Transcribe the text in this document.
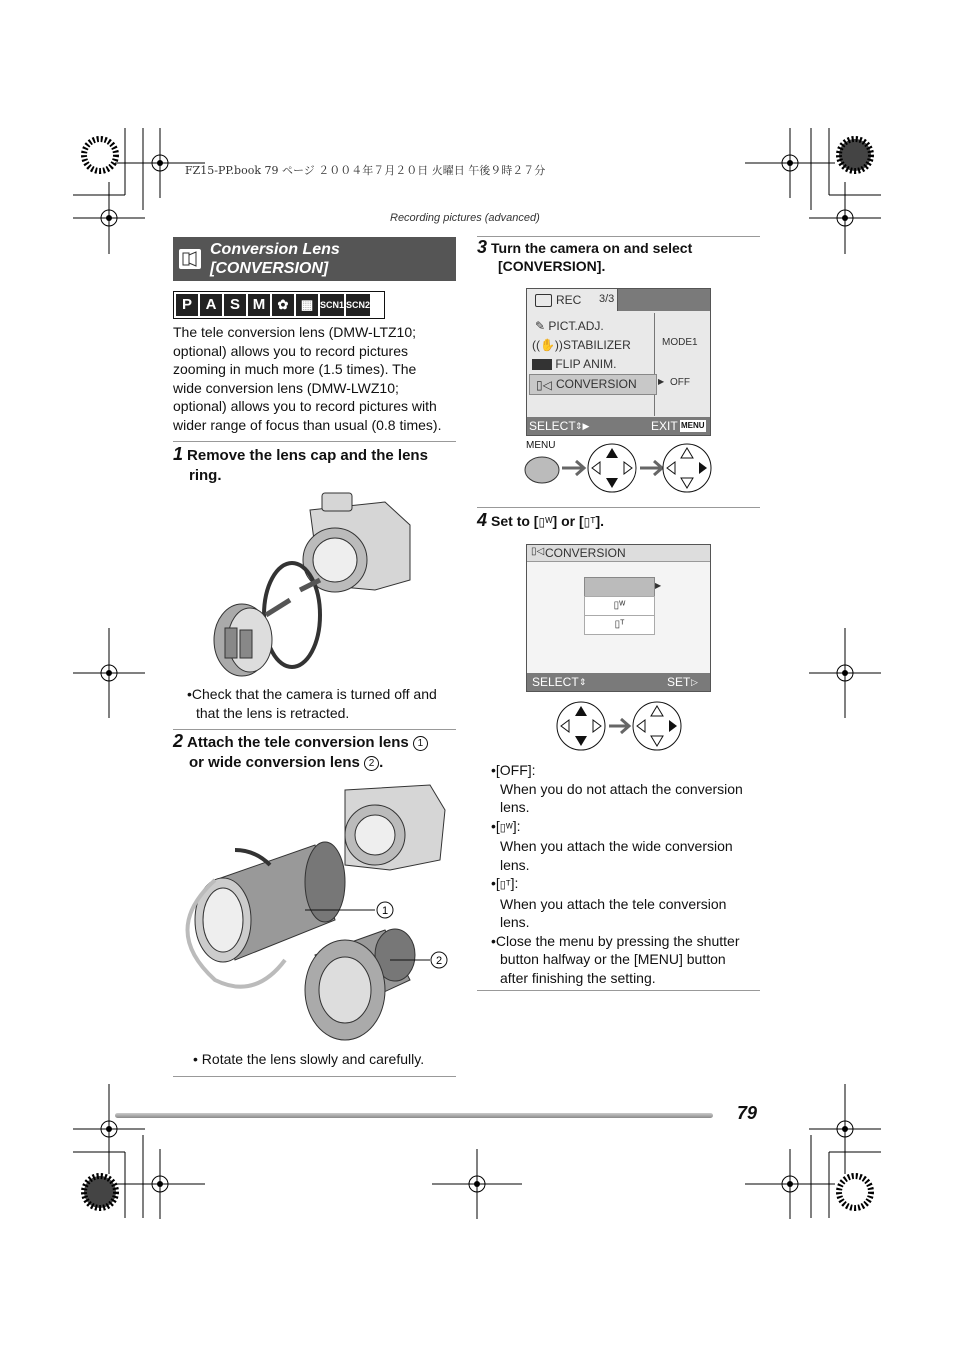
FZ15-PP.book 79 ページ ２００４年７月２０日 火曜日 午後９時２７分
Recording pictures (advanced)
Conversion Lens
[CONVERSION]
P A S M ✿ ▦ SCN1 SCN2
The tele conversion lens (DMW-LTZ10;
optional) allows you to record pictures
zooming in much more (1.5 times). The
wide conversion lens (DMW-LWZ10;
optional) allows you to record pictures with
wider range of focus than usual (0.8 times).
1 Remove the lens cap and the lens
ring.
•Check that the camera is turned off and
that the lens is retracted.
2 Attach the tele conversion lens 1
or wide conversion lens 2 .
1
2
• Rotate the lens slowly and carefully.
3 Turn the camera on and select
[CONVERSION].
REC 3/3
✎ PICT.ADJ.
((✋))STABILIZER
FLIP ANIM.
▯◁ CONVERSION
MODE1
OFF
▶
SELECT ⇕▶	EXIT MENU
MENU
4 Set to [▯ᵂ] or [▯ᵀ].
▯◁ CONVERSION
▶
▯ᵂ
▯ᵀ
SELECT ⇕	SET ▷
•[OFF]:
When you do not attach the conversion
lens.
•[▯ᵂ]:
When you attach the wide conversion
lens.
•[▯ᵀ]:
When you attach the tele conversion
lens.
•Close the menu by pressing the shutter
button halfway or the [MENU] button
after finishing the setting.
79
